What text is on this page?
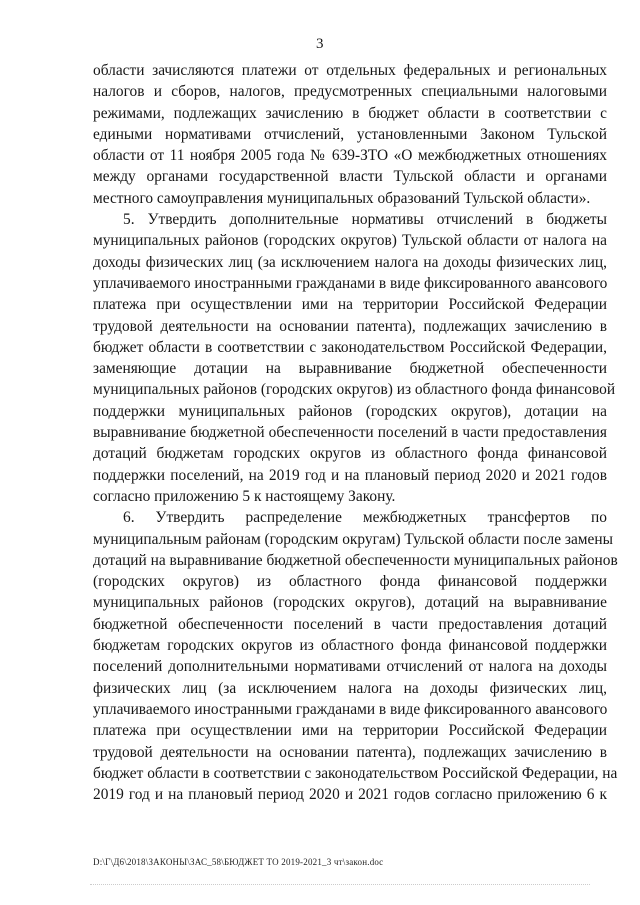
3
области зачисляются платежи от отдельных федеральных и региональных
налогов и сборов, налогов, предусмотренных специальными налоговыми
режимами, подлежащих зачислению в бюджет области в соответствии с
едиными нормативами отчислений, установленными Законом Тульской
области от 11 ноября 2005 года № 639-ЗТО «О межбюджетных отношениях
между органами государственной власти Тульской области и органами
местного самоуправления муниципальных образований Тульской области».
5. Утвердить дополнительные нормативы отчислений в бюджеты
муниципальных районов (городских округов) Тульской области от налога на
доходы физических лиц (за исключением налога на доходы физических лиц,
уплачиваемого иностранными гражданами в виде фиксированного авансового
платежа при осуществлении ими на территории Российской Федерации
трудовой деятельности на основании патента), подлежащих зачислению в
бюджет области в соответствии с законодательством Российской Федерации,
заменяющие дотации на выравнивание бюджетной обеспеченности
муниципальных районов (городских округов) из областного фонда финансовой
поддержки муниципальных районов (городских округов), дотации на
выравнивание бюджетной обеспеченности поселений в части предоставления
дотаций бюджетам городских округов из областного фонда финансовой
поддержки поселений, на 2019 год и на плановый период 2020 и 2021 годов
согласно приложению 5 к настоящему Закону.
6. Утвердить распределение межбюджетных трансфертов по
муниципальным районам (городским округам) Тульской области после замены
дотаций на выравнивание бюджетной обеспеченности муниципальных районов
(городских округов) из областного фонда финансовой поддержки
муниципальных районов (городских округов), дотаций на выравнивание
бюджетной обеспеченности поселений в части предоставления дотаций
бюджетам городских округов из областного фонда финансовой поддержки
поселений дополнительными нормативами отчислений от налога на доходы
физических лиц (за исключением налога на доходы физических лиц,
уплачиваемого иностранными гражданами в виде фиксированного авансового
платежа при осуществлении ими на территории Российской Федерации
трудовой деятельности на основании патента), подлежащих зачислению в
бюджет области в соответствии с законодательством Российской Федерации, на
2019 год и на плановый период 2020 и 2021 годов согласно приложению 6 к
D:\Г\Д6\2018\ЗАКОНЫ\ЗАС_58\БЮДЖЕТ ТО 2019-2021_3 чт\закон.doc
